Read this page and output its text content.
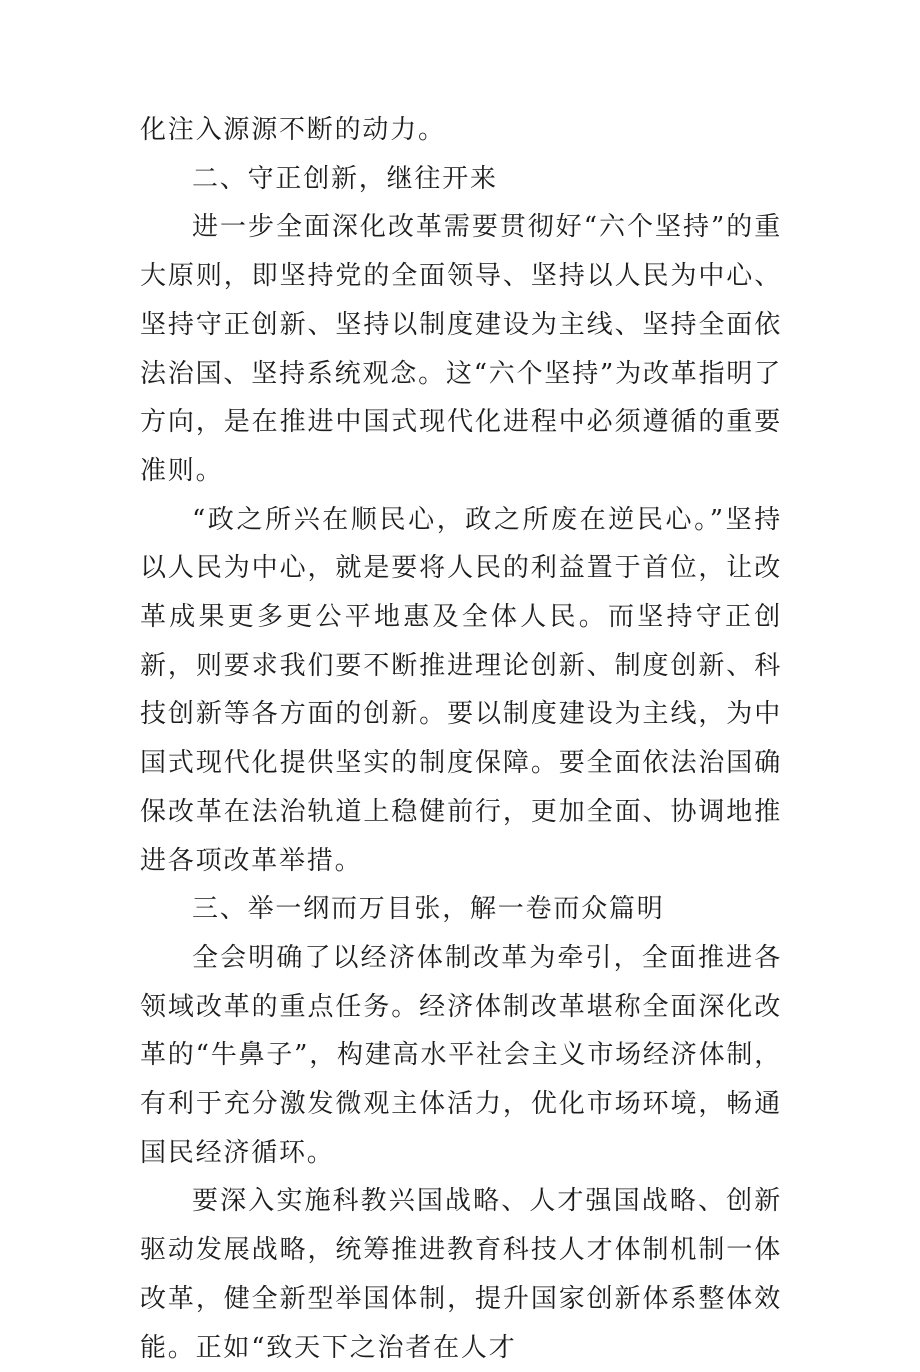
化注入源源不断的动力。

二、守正创新，继往开来

进一步全面深化改革需要贯彻好“六个坚持”的重大原则，即坚持党的全面领导、坚持以人民为中心、坚持守正创新、坚持以制度建设为主线、坚持全面依法治国、坚持系统观念。这“六个坚持”为改革指明了方向，是在推进中国式现代化进程中必须遵循的重要准则。

“政之所兴在顺民心，政之所废在逆民心。”坚持以人民为中心，就是要将人民的利益置于首位，让改革成果更多更公平地惠及全体人民。而坚持守正创新，则要求我们要不断推进理论创新、制度创新、科技创新等各方面的创新。要以制度建设为主线，为中国式现代化提供坚实的制度保障。要全面依法治国确保改革在法治轨道上稳健前行，更加全面、协调地推进各项改革举措。

三、举一纲而万目张，解一卷而众篇明

全会明确了以经济体制改革为牵引，全面推进各领域改革的重点任务。经济体制改革堪称全面深化改革的“牛鼻子”，构建高水平社会主义市场经济体制，有利于充分激发微观主体活力，优化市场环境，畅通国民经济循环。

要深入实施科教兴国战略、人才强国战略、创新驱动发展战略，统筹推进教育科技人才体制机制一体改革，健全新型举国体制，提升国家创新体系整体效能。正如“致天下之治者在人才
